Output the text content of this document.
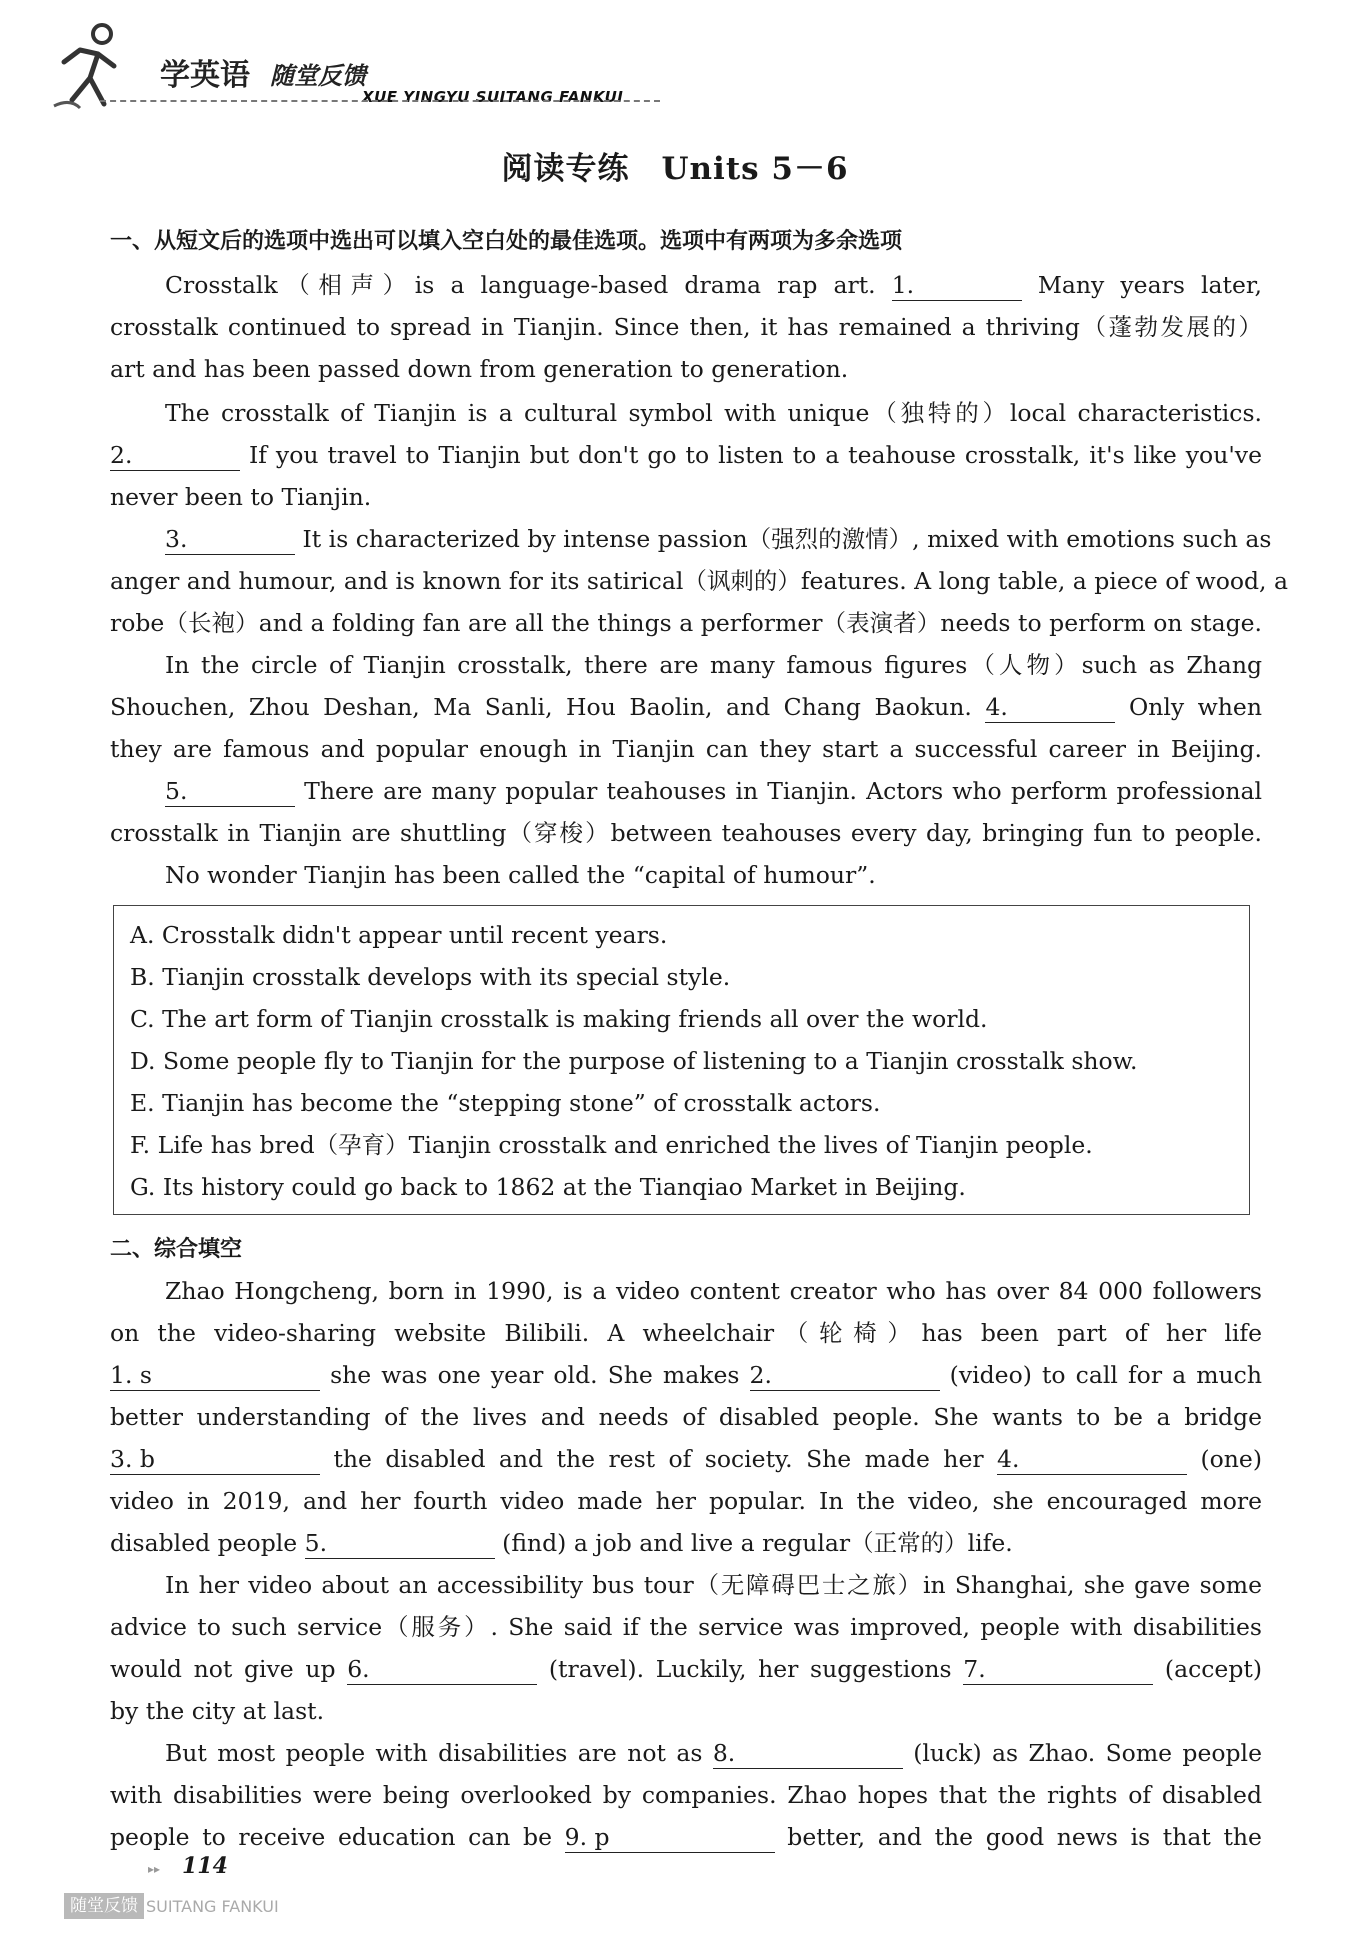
学英语 随堂反馈
XUE YINGYU SUITANG FANKUI
阅读专练　Units 5－6
一、从短文后的选项中选出可以填入空白处的最佳选项。选项中有两项为多余选项
Crosstalk（相声）is a language-based drama rap art. 1.	Many years later,
crosstalk continued to spread in Tianjin. Since then, it has remained a thriving（蓬勃发展的）
art and has been passed down from generation to generation.
The crosstalk of Tianjin is a cultural symbol with unique（独特的）local characteristics.
2.	If you travel to Tianjin but don't go to listen to a teahouse crosstalk, it's like you've
never been to Tianjin.
3.	It is characterized by intense passion（强烈的激情）, mixed with emotions such as
anger and humour, and is known for its satirical（讽刺的）features. A long table, a piece of wood, a
robe（长袍）and a folding fan are all the things a performer（表演者）needs to perform on stage.
In the circle of Tianjin crosstalk, there are many famous figures（人物）such as Zhang
Shouchen, Zhou Deshan, Ma Sanli, Hou Baolin, and Chang Baokun. 4.	Only when
they are famous and popular enough in Tianjin can they start a successful career in Beijing.
5.	There are many popular teahouses in Tianjin. Actors who perform professional
crosstalk in Tianjin are shuttling（穿梭）between teahouses every day, bringing fun to people.
No wonder Tianjin has been called the “capital of humour”.
A. Crosstalk didn't appear until recent years.
B. Tianjin crosstalk develops with its special style.
C. The art form of Tianjin crosstalk is making friends all over the world.
D. Some people fly to Tianjin for the purpose of listening to a Tianjin crosstalk show.
E. Tianjin has become the “stepping stone” of crosstalk actors.
F. Life has bred（孕育）Tianjin crosstalk and enriched the lives of Tianjin people.
G. Its history could go back to 1862 at the Tianqiao Market in Beijing.
二、综合填空
Zhao Hongcheng, born in 1990, is a video content creator who has over 84 000 followers
on the video-sharing website Bilibili. A wheelchair（轮椅）has been part of her life
1. s	she was one year old. She makes 2.	(video) to call for a much
better understanding of the lives and needs of disabled people. She wants to be a bridge
3. b	the disabled and the rest of society. She made her 4.	(one)
video in 2019, and her fourth video made her popular. In the video, she encouraged more
disabled people 5.	(find) a job and live a regular（正常的）life.
In her video about an accessibility bus tour（无障碍巴士之旅）in Shanghai, she gave some
advice to such service（服务）. She said if the service was improved, people with disabilities
would not give up 6.	(travel). Luckily, her suggestions 7.	(accept)
by the city at last.
But most people with disabilities are not as 8.	(luck) as Zhao. Some people
with disabilities were being overlooked by companies. Zhao hopes that the rights of disabled
people to receive education can be 9. p	better, and the good news is that the
▸▸ 114
随堂反馈 SUITANG FANKUI
